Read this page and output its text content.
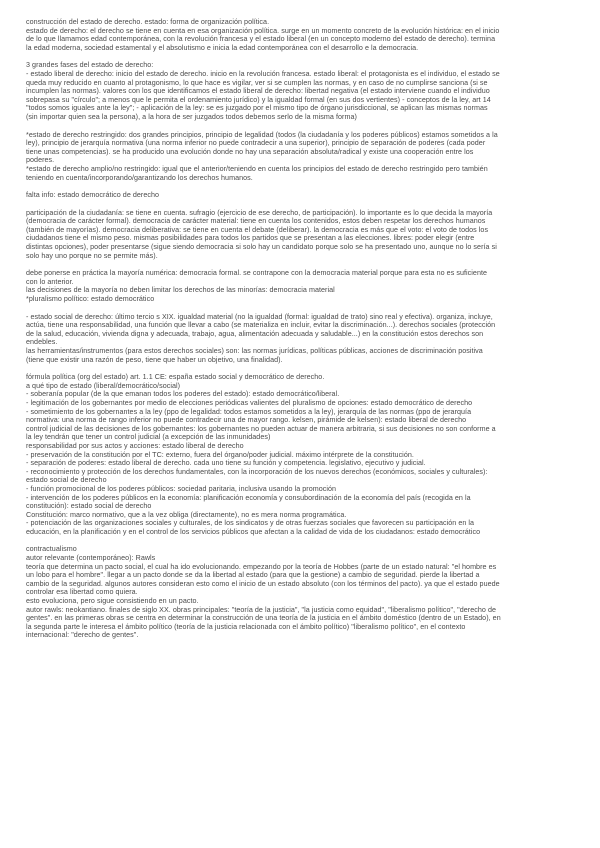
construcción del estado de derecho. estado: forma de organización política.
estado de derecho: el derecho se tiene en cuenta en esa organización política. surge en un momento concreto de la evolución histórica: en el inicio
de lo que llamamos edad contemporánea, con la revolución francesa y el estado liberal (en un concepto moderno del estado de derecho). termina
la edad moderna, sociedad estamental y el absolutismo e inicia la edad contemporánea con el desarrollo e la democracia.
3 grandes fases del estado de derecho:
- estado liberal de derecho: inicio del estado de derecho. inicio en la revolución francesa. estado liberal: el protagonista es el individuo, el estado se
queda muy reducido en cuanto al protagonismo, lo que hace es vigilar, ver si se cumplen las normas, y en caso de no cumplirse sanciona (si se
incumplen las normas). valores con los que identificamos el estado liberal de derecho: libertad negativa (el estado interviene cuando el individuo
sobrepasa su "círculo"; a menos que le permita el ordenamiento jurídico) y la igualdad formal (en sus dos vertientes) - conceptos de la ley, art 14
"todos somos iguales ante la ley"; - aplicación de la ley: se es juzgado por el mismo tipo de órgano jurisdiccional, se aplican las mismas normas
(sin importar quien sea la persona), a la hora de ser juzgados todos debemos serlo de la misma forma)
*estado de derecho restringido: dos grandes principios, principio de legalidad (todos (la ciudadanía y los poderes públicos) estamos sometidos a la
ley), principio de jerarquía normativa (una norma inferior no puede contradecir a una superior), principio de separación de poderes (cada poder
tiene unas competencias). se ha producido una evolución donde no hay una separación absoluta/radical y existe una cooperación entre los
poderes.
*estado de derecho amplio/no restringido: igual que el anterior/teniendo en cuenta los principios del estado de derecho restringido pero también
teniendo en cuenta/incorporando/garantizando los derechos humanos.
falta info: estado democrático de derecho
participación de la ciudadanía: se tiene en cuenta. sufragio (ejercicio de ese derecho, de participación). lo importante es lo que decida la mayoría
(democracia de carácter formal). democracia de carácter material: tiene en cuenta los contenidos, estos deben respetar los derechos humanos
(también de mayorías). democracia deliberativa: se tiene en cuenta el debate (deliberar). la democracia es más que el voto: el voto de todos los
ciudadanos tiene el mismo peso. mismas posibilidades para todos los partidos que se presentan a las elecciones. libres: poder elegir (entre
distintas opciones), poder presentarse (sigue siendo democracia si solo hay un candidato porque solo se ha presentado uno, aunque no lo sería si
solo hay uno porque no se permite más).
debe ponerse en práctica la mayoría numérica: democracia formal. se contrapone con la democracia material porque para esta no es suficiente
con lo anterior.
las decisiones de la mayoría no deben limitar los derechos de las minorías: democracia material
*pluralismo político: estado democrático
- estado social de derecho: último tercio s XIX. igualdad material (no la igualdad (formal: igualdad de trato) sino real y efectiva). organiza, incluye,
actúa, tiene una responsabilidad, una función que llevar a cabo (se materializa en incluir, evitar la discriminación...). derechos sociales (protección
de la salud, educación, vivienda digna y adecuada, trabajo, agua, alimentación adecuada y saludable...) en la constitución estos derechos son
endebles.
las herramientas/instrumentos (para estos derechos sociales) son: las normas jurídicas, políticas públicas, acciones de discriminación positiva
(tiene que existir una razón de peso, tiene que haber un objetivo, una finalidad).
fórmula política (org del estado) art. 1.1 CE: españa estado social y democrático de derecho.
a qué tipo de estado (liberal/democrático/social)
- soberanía popular (de la que emanan todos los poderes del estado): estado democrático/liberal.
- legitimación de los gobernantes por medio de elecciones periódicas valientes del pluralismo de opciones: estado democrático de derecho
- sometimiento de los gobernantes a la ley (ppo de legalidad: todos estamos sometidos a la ley), jerarquía de las normas (ppo de jerarquía
normativa: una norma de rango inferior no puede contradecir una de mayor rango. kelsen, pirámide de kelsen): estado liberal de derecho
control judicial de las decisiones de los gobernantes: los gobernantes no pueden actuar de manera arbitraria, si sus decisiones no son conforme a
la ley tendrán que tener un control judicial (a excepción de las inmunidades)
responsabilidad por sus actos y acciones: estado liberal de derecho
- preservación de la constitución por el TC: externo, fuera del órgano/poder judicial. máximo intérprete de la constitución.
- separación de poderes: estado liberal de derecho. cada uno tiene su función y competencia. legislativo, ejecutivo y judicial.
- reconocimiento y protección de los derechos fundamentales, con la incorporación de los nuevos derechos (económicos, sociales y culturales):
estado social de derecho
- función promocional de los poderes públicos: sociedad paritaria, inclusiva usando la promoción
- intervención de los poderes públicos en la economía: planificación economía y consubordinación de la economía del país (recogida en la
constitución): estado social de derecho
Constitución: marco normativo, que a la vez obliga (directamente), no es mera norma programática.
- potenciación de las organizaciones sociales y culturales, de los sindicatos y de otras fuerzas sociales que favorecen su participación en la
educación, en la planificación y en el control de los servicios públicos que afectan a la calidad de vida de los ciudadanos: estado democrático
contractualismo
autor relevante (contemporáneo): Rawls
teoría que determina un pacto social, el cual ha ido evolucionando. empezando por la teoría de Hobbes (parte de un estado natural: "el hombre es
un lobo para el hombre". llegar a un pacto donde se da la libertad al estado (para que la gestione) a cambio de seguridad. pierde la libertad a
cambio de la seguridad. algunos autores consideran esto como el inicio de un estado absoluto (con los términos del pacto). ya que el estado puede
controlar esa libertad como quiera.
esto evoluciona, pero sigue consistiendo en un pacto.
autor rawls: neokantiano. finales de siglo XX. obras principales: "teoría de la justicia", "la justicia como equidad", "liberalismo político", "derecho de
gentes". en las primeras obras se centra en determinar la construcción de una teoría de la justicia en el ámbito doméstico (dentro de un Estado), en
la segunda parte le interesa el ámbito político (teoría de la justicia relacionada con el ámbito político) "liberalismo político", en el contexto
internacional: "derecho de gentes".
